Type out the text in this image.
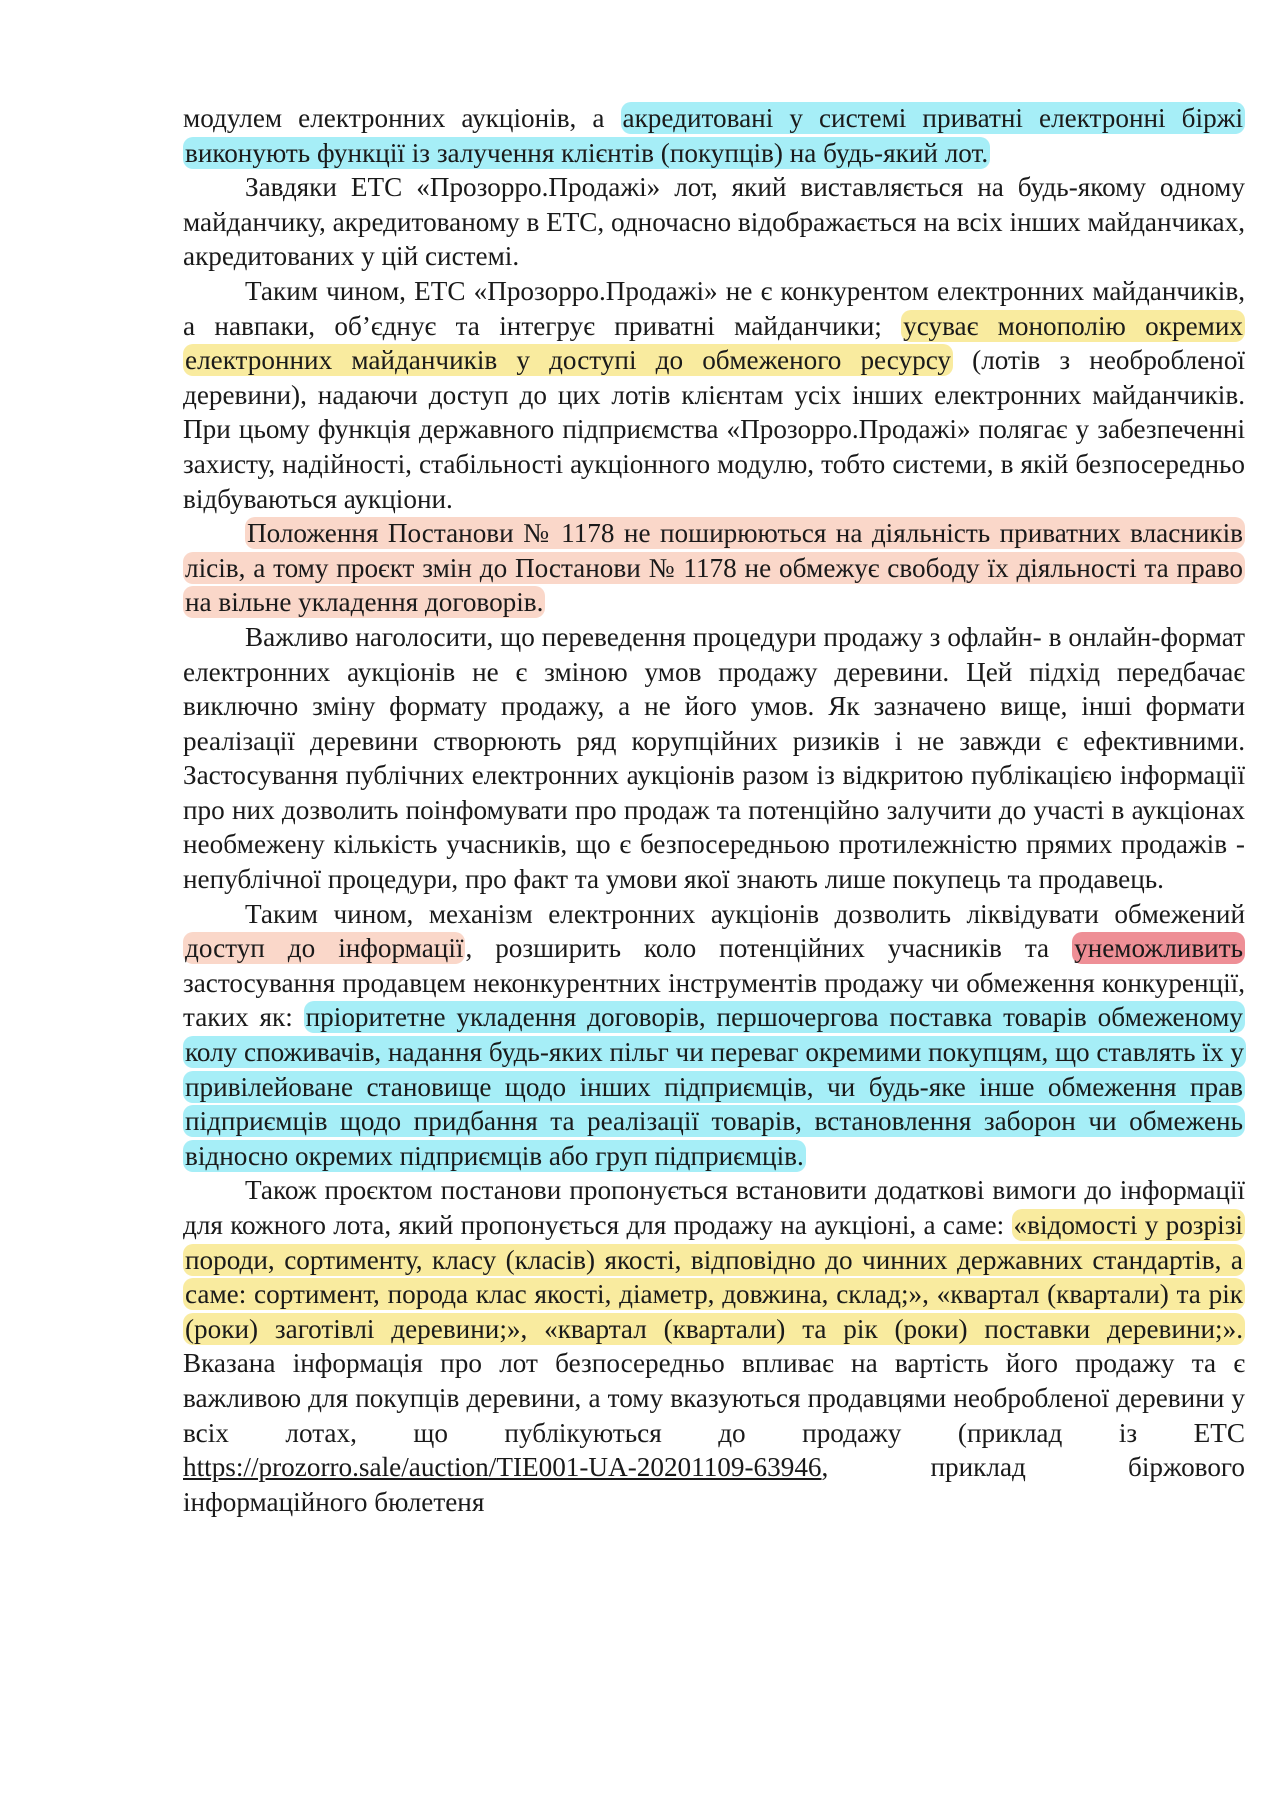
модулем електронних аукціонів, а акредитовані у системі приватні електронні біржі виконують функції із залучення клієнтів (покупців) на будь-який лот.

Завдяки ЕТС «Прозорро.Продажі» лот, який виставляється на будь-якому одному майданчику, акредитованому в ЕТС, одночасно відображається на всіх інших майданчиках, акредитованих у цій системі.

Таким чином, ЕТС «Прозорро.Продажі» не є конкурентом електронних майданчиків, а навпаки, об’єднує та інтегрує приватні майданчики; усуває монополію окремих електронних майданчиків у доступі до обмеженого ресурсу (лотів з необробленої деревини), надаючи доступ до цих лотів клієнтам усіх інших електронних майданчиків. При цьому функція державного підприємства «Прозорро.Продажі» полягає у забезпеченні захисту, надійності, стабільності аукціонного модулю, тобто системи, в якій безпосередньо відбуваються аукціони.

Положення Постанови № 1178 не поширюються на діяльність приватних власників лісів, а тому проєкт змін до Постанови № 1178 не обмежує свободу їх діяльності та право на вільне укладення договорів.

Важливо наголосити, що переведення процедури продажу з офлайн- в онлайн-формат електронних аукціонів не є зміною умов продажу деревини. Цей підхід передбачає виключно зміну формату продажу, а не його умов. Як зазначено вище, інші формати реалізації деревини створюють ряд корупційних ризиків і не завжди є ефективними. Застосування публічних електронних аукціонів разом із відкритою публікацією інформації про них дозволить поінфомувати про продаж та потенційно залучити до участі в аукціонах необмежену кількість учасників, що є безпосередньою протилежністю прямих продажів - непублічної процедури, про факт та умови якої знають лише покупець та продавець.

Таким чином, механізм електронних аукціонів дозволить ліквідувати обмежений доступ до інформації, розширить коло потенційних учасників та унеможливить застосування продавцем неконкурентних інструментів продажу чи обмеження конкуренції, таких як: пріоритетне укладення договорів, першочергова поставка товарів обмеженому колу споживачів, надання будь-яких пільг чи переваг окремими покупцям, що ставлять їх у привілейоване становище щодо інших підприємців, чи будь-яке інше обмеження прав підприємців щодо придбання та реалізації товарів, встановлення заборон чи обмежень відносно окремих підприємців або груп підприємців.

Також проєктом постанови пропонується встановити додаткові вимоги до інформації для кожного лота, який пропонується для продажу на аукціоні, а саме: «відомості у розрізі породи, сортименту, класу (класів) якості, відповідно до чинних державних стандартів, а саме: сортимент, порода клас якості, діаметр, довжина, склад;», «квартал (квартали) та рік (роки) заготівлі деревини;», «квартал (квартали) та рік (роки) поставки деревини;». Вказана інформація про лот безпосередньо впливає на вартість його продажу та є важливою для покупців деревини, а тому вказуються продавцями необробленої деревини у всіх лотах, що публікуються до продажу (приклад із ЕТС https://prozorro.sale/auction/TIE001-UA-20201109-63946, приклад біржового інформаційного бюлетеня
